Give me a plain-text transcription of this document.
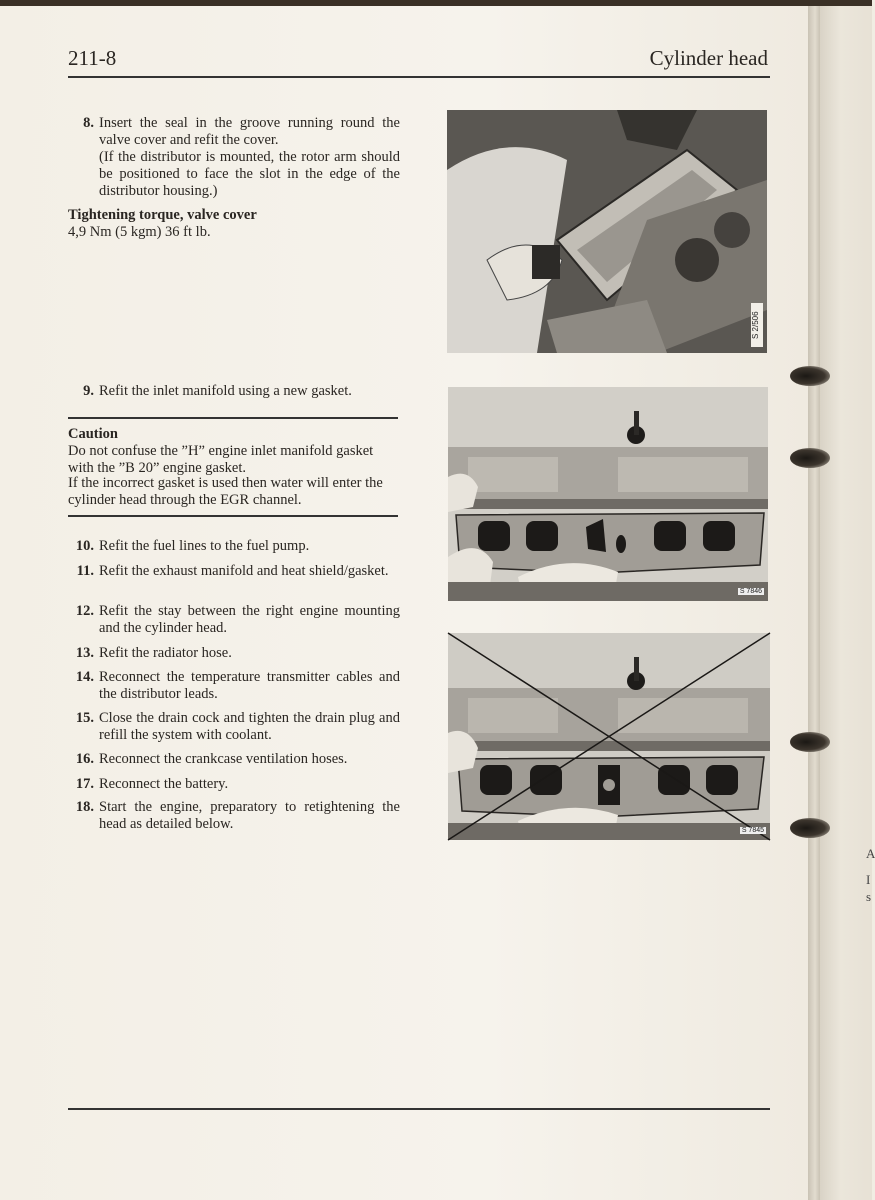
A
I
s
211-8	Cylinder head
8. Insert the seal in the groove running round the valve cover and refit the cover.
(If the distributor is mounted, the rotor arm should be positioned to face the slot in the edge of the distributor housing.)
Tightening torque, valve cover
4,9 Nm (5 kgm) 36 ft lb.
9. Refit the inlet manifold using a new gasket.
Caution
Do not confuse the ”H” engine inlet manifold gasket with the ”B 20” engine gasket.
If the incorrect gasket is used then water will enter the cylinder head through the EGR channel.
10. Refit the fuel lines to the fuel pump.
11. Refit the exhaust manifold and heat shield/gasket.
12. Refit the stay between the right engine mounting and the cylinder head.
13. Refit the radiator hose.
14. Reconnect the temperature transmitter cables and the distributor leads.
15. Close the drain cock and tighten the drain plug and refill the system with coolant.
16. Reconnect the crankcase ventilation hoses.
17. Reconnect the battery.
18. Start the engine, preparatory to retightening the head as detailed below.
S 2/506
S 7846
S 7845
